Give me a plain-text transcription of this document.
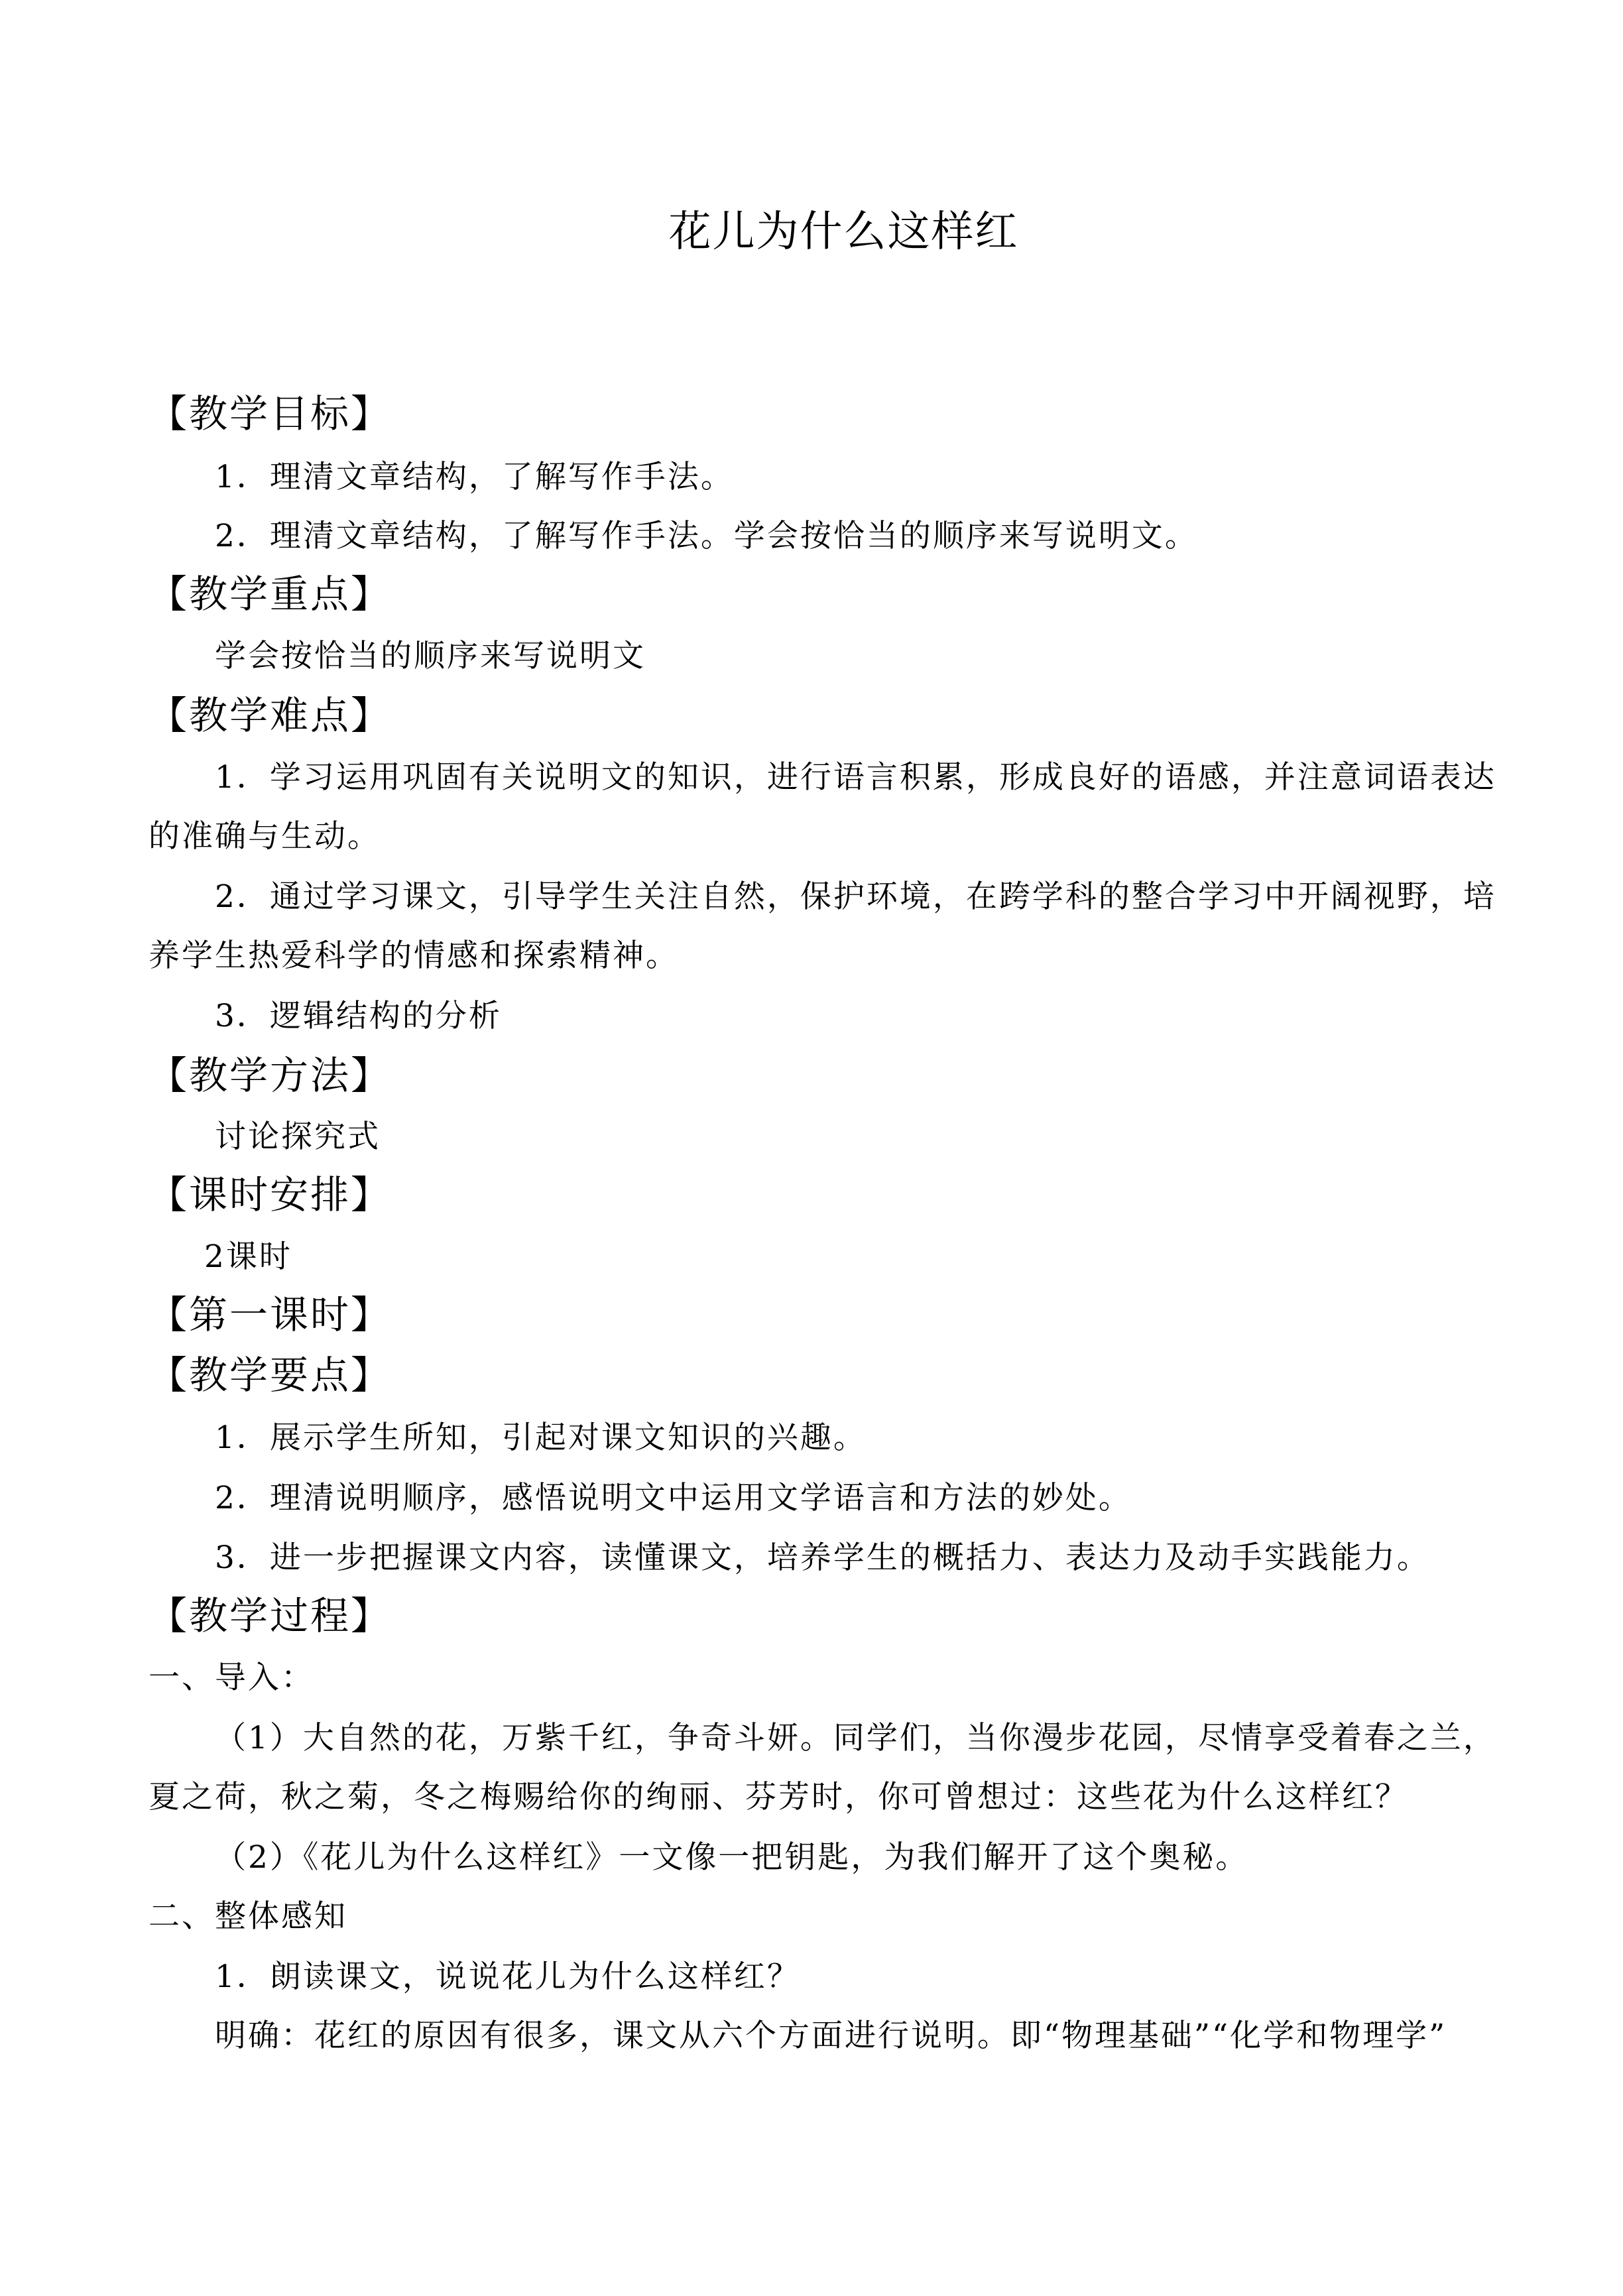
花儿为什么这样红
【教学目标】
1．理清文章结构，了解写作手法。
2．理清文章结构，了解写作手法。学会按恰当的顺序来写说明文。
【教学重点】
学会按恰当的顺序来写说明文
【教学难点】
1．学习运用巩固有关说明文的知识，进行语言积累，形成良好的语感，并注意词语表达
的准确与生动。
2．通过学习课文，引导学生关注自然，保护环境，在跨学科的整合学习中开阔视野，培
养学生热爱科学的情感和探索精神。
3．逻辑结构的分析
【教学方法】
讨论探究式
【课时安排】
2课时
【第一课时】
【教学要点】
1．展示学生所知，引起对课文知识的兴趣。
2．理清说明顺序，感悟说明文中运用文学语言和方法的妙处。
3．进一步把握课文内容，读懂课文，培养学生的概括力、表达力及动手实践能力。
【教学过程】
一、导入：
（1）大自然的花，万紫千红，争奇斗妍。同学们，当你漫步花园，尽情享受着春之兰，
夏之荷，秋之菊，冬之梅赐给你的绚丽、芬芳时，你可曾想过：这些花为什么这样红？
（2）《花儿为什么这样红》一文像一把钥匙，为我们解开了这个奥秘。
二、整体感知
1．朗读课文，说说花儿为什么这样红？
明确：花红的原因有很多，课文从六个方面进行说明。即“物理基础”“化学和物理学”
